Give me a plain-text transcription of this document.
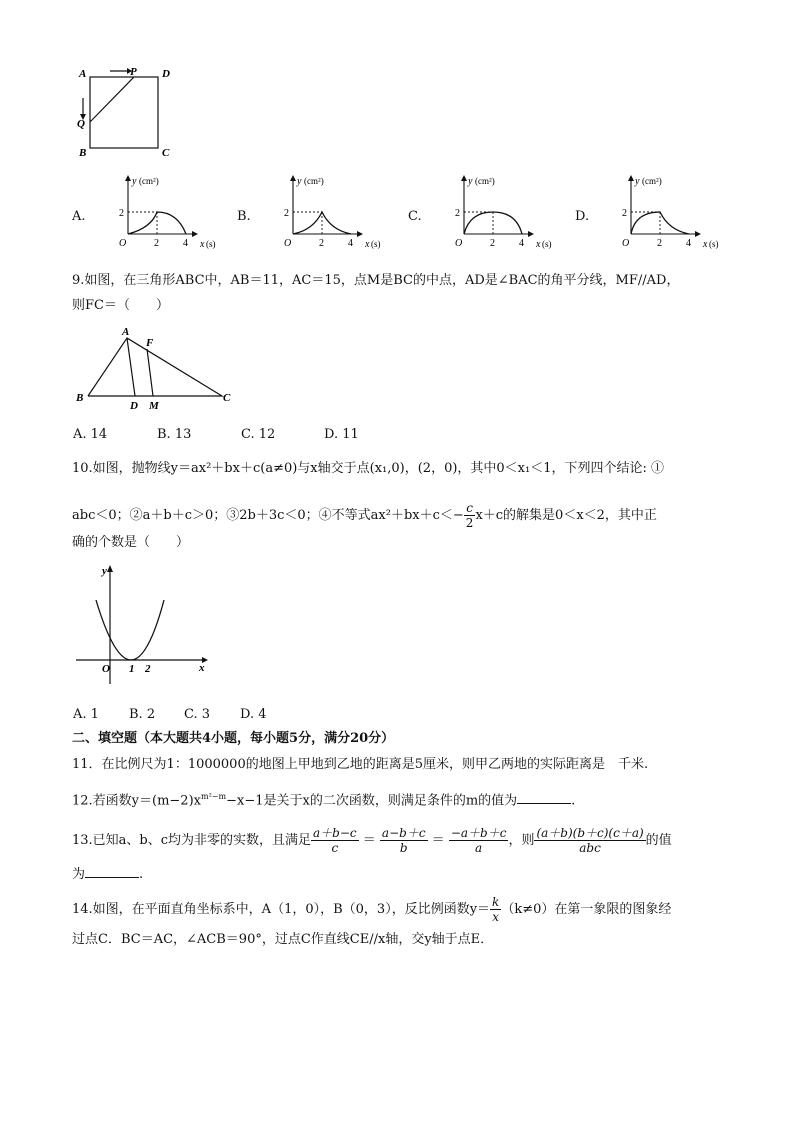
A	P D
Q
B	C
A.
y (cm²)
2
O	2 4 x (s)
B.
y (cm²)
2
O	2 4 x (s)
C.
y (cm²)
2
O	2 4 x (s)
D.
y (cm²)
2
O	2 4 x (s)
9.如图，在三角形ABC中，AB＝11，AC＝15，点M是BC的中点，AD是∠BAC的角平分线，MF//AD，
则FC＝（　　）
A
F
B
D M
C
A. 14	B. 13	C. 12	D. 11
10.如图，抛物线y＝ax²＋bx＋c(a≠0)与x轴交于点(x₁,0)，(2，0)，其中0＜x₁＜1，下列四个结论: ①
abc＜0；②a＋b＋c＞0；③2b＋3c＜0；④不等式$ax^2+bx+c<- \frac{c}{2} x+c$的解集是0＜x＜2，其中正
确的个数是（　　）
y
x
O 1 2
A. 1 B. 2 C. 3 D. 4
二、填空题（本大题共4小题，每小题5分，满分20分）
11．在比例尺为1：1000000的地图上甲地到乙地的距离是5厘米，则甲乙两地的实际距离是　千米.
12.若函数$y=(m-2)x^{m^2-m}-x-1$是关于x的二次函数，则满足条件的m的值为	.
13.已知a、b、c均为非零的实数，且满足 $\frac{a+b-c}{c} = \frac{a-b+c}{b} = \frac{-a+b+c}{a}$ ，则 $\frac{(a+b)(b+c)(c+a)}{\text{abc}}$ 的值
为	.
14.如图，在平面直角坐标系中，A（1，0），B（0，3），反比例函数$y= \frac{k}{x} (k\ne 0)$在第一象限的图象经
过点C．BC＝AC，∠ACB＝90°，过点C作直线CE//x轴，交y轴于点E．
